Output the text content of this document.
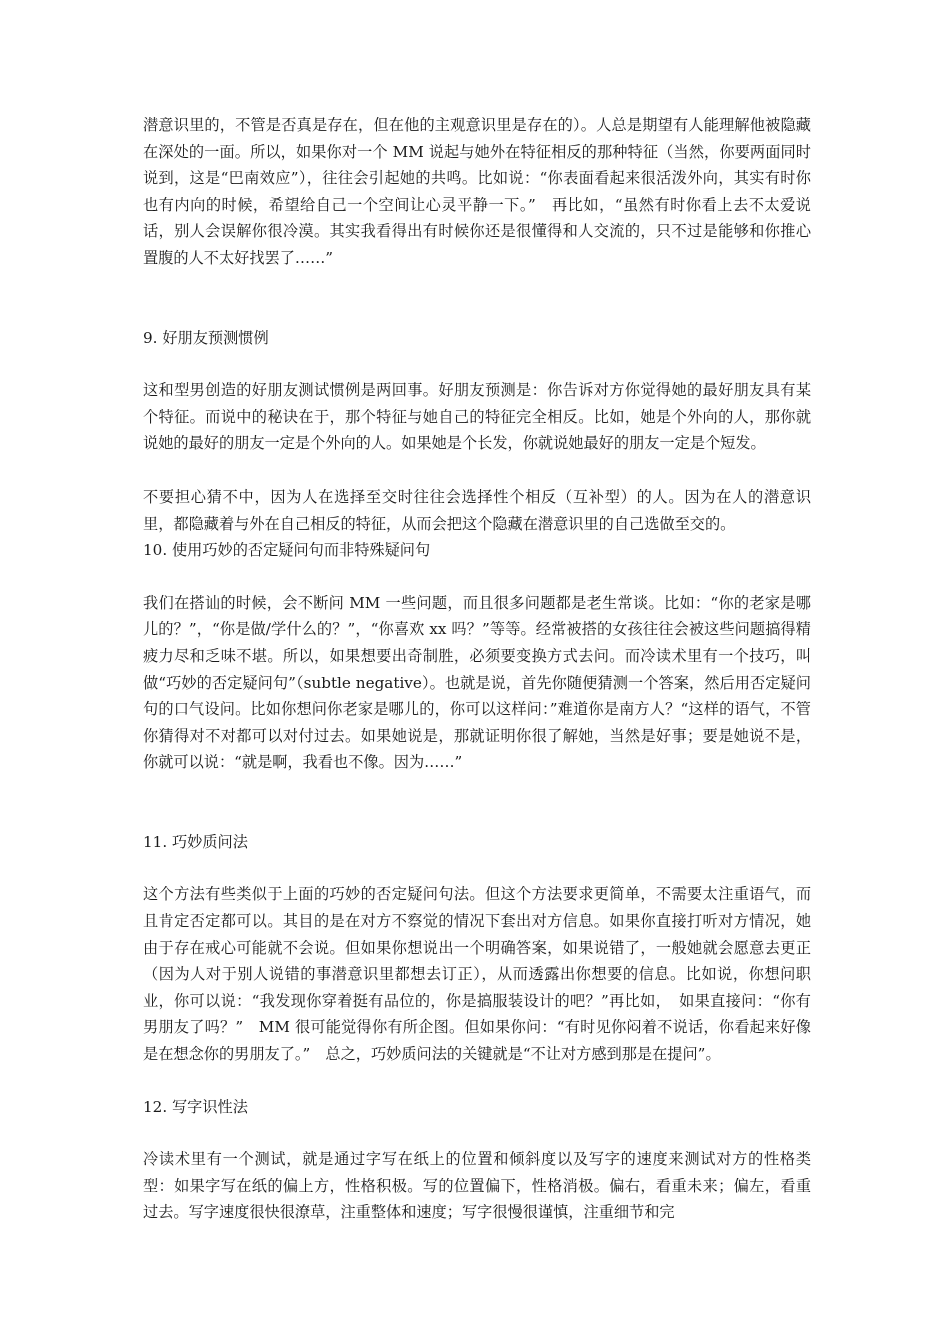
潜意识里的，不管是否真是存在，但在他的主观意识里是存在的）。人总是期望有人能理解他被隐藏在深处的一面。所以，如果你对一个 MM 说起与她外在特征相反的那种特征（当然，你要两面同时说到，这是“巴南效应”），往往会引起她的共鸣。比如说：“你表面看起来很活泼外向，其实有时你也有内向的时候，希望给自己一个空间让心灵平静一下。”　再比如，“虽然有时你看上去不太爱说话，别人会误解你很冷漠。其实我看得出有时候你还是很懂得和人交流的，只不过是能够和你推心置腹的人不太好找罢了……”

9. 好朋友预测惯例

这和型男创造的好朋友测试惯例是两回事。好朋友预测是：你告诉对方你觉得她的最好朋友具有某个特征。而说中的秘诀在于，那个特征与她自己的特征完全相反。比如，她是个外向的人，那你就说她的最好的朋友一定是个外向的人。如果她是个长发，你就说她最好的朋友一定是个短发。

不要担心猜不中，因为人在选择至交时往往会选择性个相反（互补型）的人。因为在人的潜意识里，都隐藏着与外在自己相反的特征，从而会把这个隐藏在潜意识里的自己选做至交的。

10. 使用巧妙的否定疑问句而非特殊疑问句

我们在搭讪的时候，会不断问 MM 一些问题，而且很多问题都是老生常谈。比如：“你的老家是哪儿的？”，“你是做/学什么的？”，“你喜欢 xx 吗？”等等。经常被搭的女孩往往会被这些问题搞得精疲力尽和乏味不堪。所以，如果想要出奇制胜，必须要变换方式去问。而冷读术里有一个技巧，叫做“巧妙的否定疑问句”（subtle negative）。也就是说，首先你随便猜测一个答案，然后用否定疑问句的口气设问。比如你想问你老家是哪儿的，你可以这样问：”难道你是南方人？“这样的语气，不管你猜得对不对都可以对付过去。如果她说是，那就证明你很了解她，当然是好事；要是她说不是，你就可以说：“就是啊，我看也不像。因为……”

11. 巧妙质问法

这个方法有些类似于上面的巧妙的否定疑问句法。但这个方法要求更简单，不需要太注重语气，而且肯定否定都可以。其目的是在对方不察觉的情况下套出对方信息。如果你直接打听对方情况，她由于存在戒心可能就不会说。但如果你想说出一个明确答案，如果说错了，一般她就会愿意去更正（因为人对于别人说错的事潜意识里都想去订正），从而透露出你想要的信息。比如说，你想问职业，你可以说：“我发现你穿着挺有品位的，你是搞服装设计的吧？”再比如，　如果直接问：“你有男朋友了吗？”　MM 很可能觉得你有所企图。但如果你问：“有时见你闷着不说话，你看起来好像是在想念你的男朋友了。”　总之，巧妙质问法的关键就是“不让对方感到那是在提问”。

12. 写字识性法

冷读术里有一个测试，就是通过字写在纸上的位置和倾斜度以及写字的速度来测试对方的性格类型：如果字写在纸的偏上方，性格积极。写的位置偏下，性格消极。偏右，看重未来；偏左，看重过去。写字速度很快很潦草，注重整体和速度；写字很慢很谨慎，注重细节和完
